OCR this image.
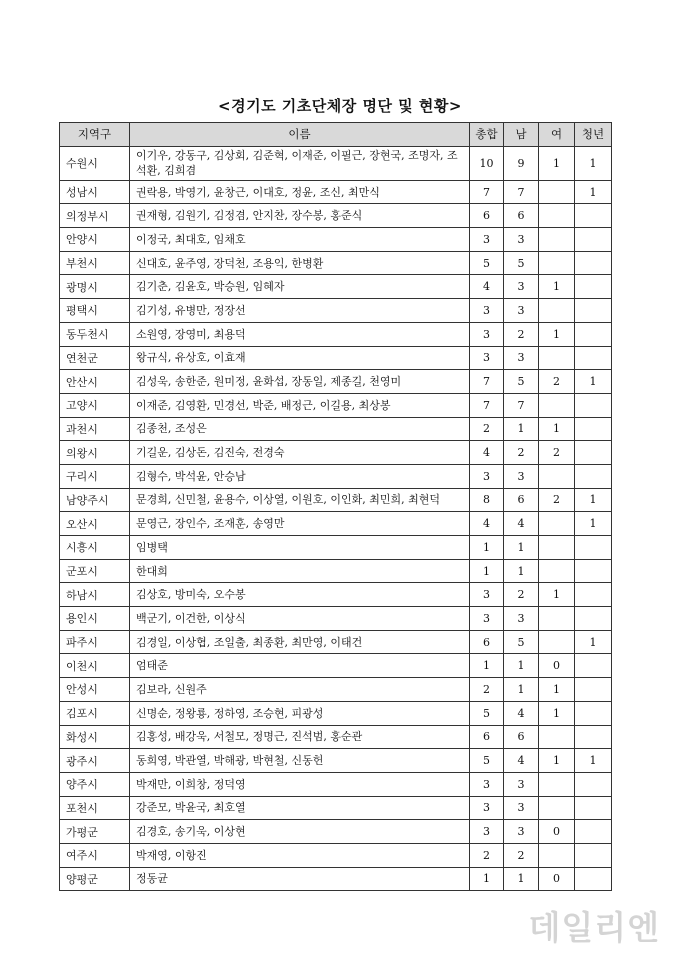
<경기도 기초단체장 명단 및 현황>
지역구	이름	총합	남	여	청년
수원시	이기우, 강동구, 김상회, 김준혁, 이재준, 이필근, 장현국, 조명자, 조석환, 김희겸	10	9	1	1
성남시	권락용, 박영기, 윤창근, 이대호, 정윤, 조신, 최만식	7	7		1
의정부시	권재형, 김원기, 김정겸, 안지찬, 장수봉, 홍준식	6	6		
안양시	이정국, 최대호, 임채호	3	3		
부천시	신대호, 윤주영, 장덕천, 조용익, 한병환	5	5		
광명시	김기춘, 김윤호, 박승원, 임혜자	4	3	1	
평택시	김기성, 유병만, 정장선	3	3		
동두천시	소원영, 장영미, 최용덕	3	2	1	
연천군	왕규식, 유상호, 이효재	3	3		
안산시	김성욱, 송한준, 원미정, 윤화섭, 장동일, 제종길, 천영미	7	5	2	1
고양시	이재준, 김영환, 민경선, 박준, 배정근, 이길용, 최상봉	7	7		
과천시	김종천, 조성은	2	1	1	
의왕시	기길운, 김상돈, 김진숙, 전경숙	4	2	2	
구리시	김형수, 박석윤, 안승남	3	3		
남양주시	문경희, 신민철, 윤용수, 이상열, 이원호, 이인화, 최민희, 최현덕	8	6	2	1
오산시	문영근, 장인수, 조재훈, 송영만	4	4		1
시흥시	임병택	1	1		
군포시	한대희	1	1		
하남시	김상호, 방미숙, 오수봉	3	2	1	
용인시	백군기, 이건한, 이상식	3	3		
파주시	김경일, 이상협, 조일출, 최종환, 최만영, 이태건	6	5		1
이천시	엄태준	1	1	0	
안성시	김보라, 신원주	2	1	1	
김포시	신명순, 정왕룡, 정하영, 조승현, 피광성	5	4	1	
화성시	김홍성, 배강욱, 서철모, 정명근, 진석범, 홍순관	6	6		
광주시	동희영, 박관열, 박해광, 박현철, 신동헌	5	4	1	1
양주시	박재만, 이희창, 정덕영	3	3		
포천시	강준모, 박윤국, 최호열	3	3		
가평군	김경호, 송기욱, 이상현	3	3	0	
여주시	박재영, 이항진	2	2		
양평군	정동균	1	1	0	
데일리엔
